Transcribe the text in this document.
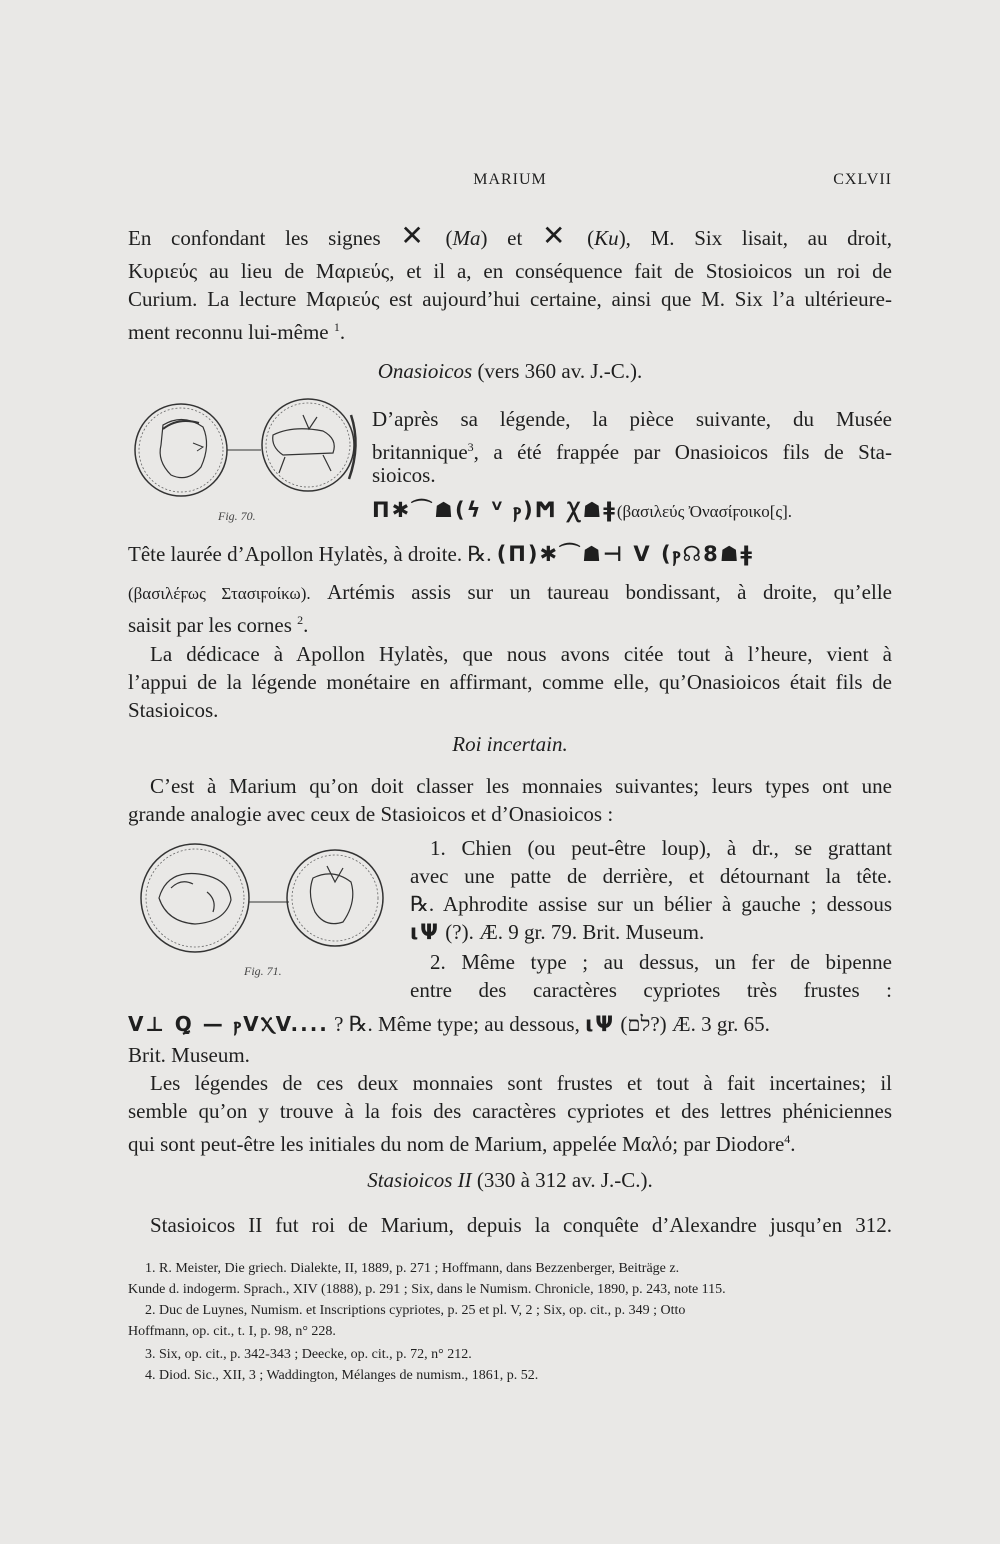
MARIUM	CXLVII
En confondant les signes ✕ (Ma) et ✕ (Ku), M. Six lisait, au droit,
Κυριεύς au lieu de Μαριεύς, et il a, en conséquence fait de Stosioicos un roi de
Curium. La lecture Μαριεύς est aujourd’hui certaine, ainsi que M. Six l’a ultérieure-
ment reconnu lui-même $^1$.
Onasioicos (vers 360 av. J.-C.).
Fig. 70.
D’après sa légende, la pièce suivante, du Musée
britannique$^3$, a été frappée par Onasioicos fils de Sta-
sioicos.
Π✱⌒☗(ϟ ⱽ ⲣ)Ϻ Ꭓ☗ǂ(βασιλεύς Ὀνασίϝοικο[ς].
Tête laurée d’Apollon Hylatès, à droite. ℞. (Π)✱⌒☗⊣ V (ⲣ☊8☗ǂ
(βασιλέϝως Στασιϝοίκω). Artémis assis sur un taureau bondissant, à droite, qu’elle
saisit par les cornes $^2$.
La dédicace à Apollon Hylatès, que nous avons citée tout à l’heure, vient à
l’appui de la légende monétaire en affirmant, comme elle, qu’Onasioicos était fils de
Stasioicos.
Roi incertain.
C’est à Marium qu’on doit classer les monnaies suivantes; leurs types ont une
grande analogie avec ceux de Stasioicos et d’Onasioicos :
Fig. 71.
1. Chien (ou peut-être loup), à dr., se grattant
avec une patte de derrière, et détournant la tête.
℞. Aphrodite assise sur un bélier à gauche ; dessous
ιΨ (?). Æ. 9 gr. 79. Brit. Museum.
2. Même type ; au dessus, un fer de bipenne
entre des caractères cypriotes très frustes :
V⊥ Ꝗ — ⲣVⲬV.... ? ℞. Même type; au dessous, ιΨ (לם?) Æ. 3 gr. 65.
Brit. Museum.
Les légendes de ces deux monnaies sont frustes et tout à fait incertaines; il
semble qu’on y trouve à la fois des caractères cypriotes et des lettres phéniciennes
qui sont peut-être les initiales du nom de Marium, appelée Μαλό; par Diodore$^4$.
Stasioicos II (330 à 312 av. J.-C.).
Stasioicos II fut roi de Marium, depuis la conquête d’Alexandre jusqu’en 312.
1. R. Meister, Die griech. Dialekte, II, 1889, p. 271 ; Hoffmann, dans Bezzenberger, Beiträge z.
Kunde d. indogerm. Sprach., XIV (1888), p. 291 ; Six, dans le Numism. Chronicle, 1890, p. 243, note 115.
2. Duc de Luynes, Numism. et Inscriptions cypriotes, p. 25 et pl. V, 2 ; Six, op. cit., p. 349 ; Otto
Hoffmann, op. cit., t. I, p. 98, n° 228.
3. Six, op. cit., p. 342-343 ; Deecke, op. cit., p. 72, n° 212.
4. Diod. Sic., XII, 3 ; Waddington, Mélanges de numism., 1861, p. 52.
